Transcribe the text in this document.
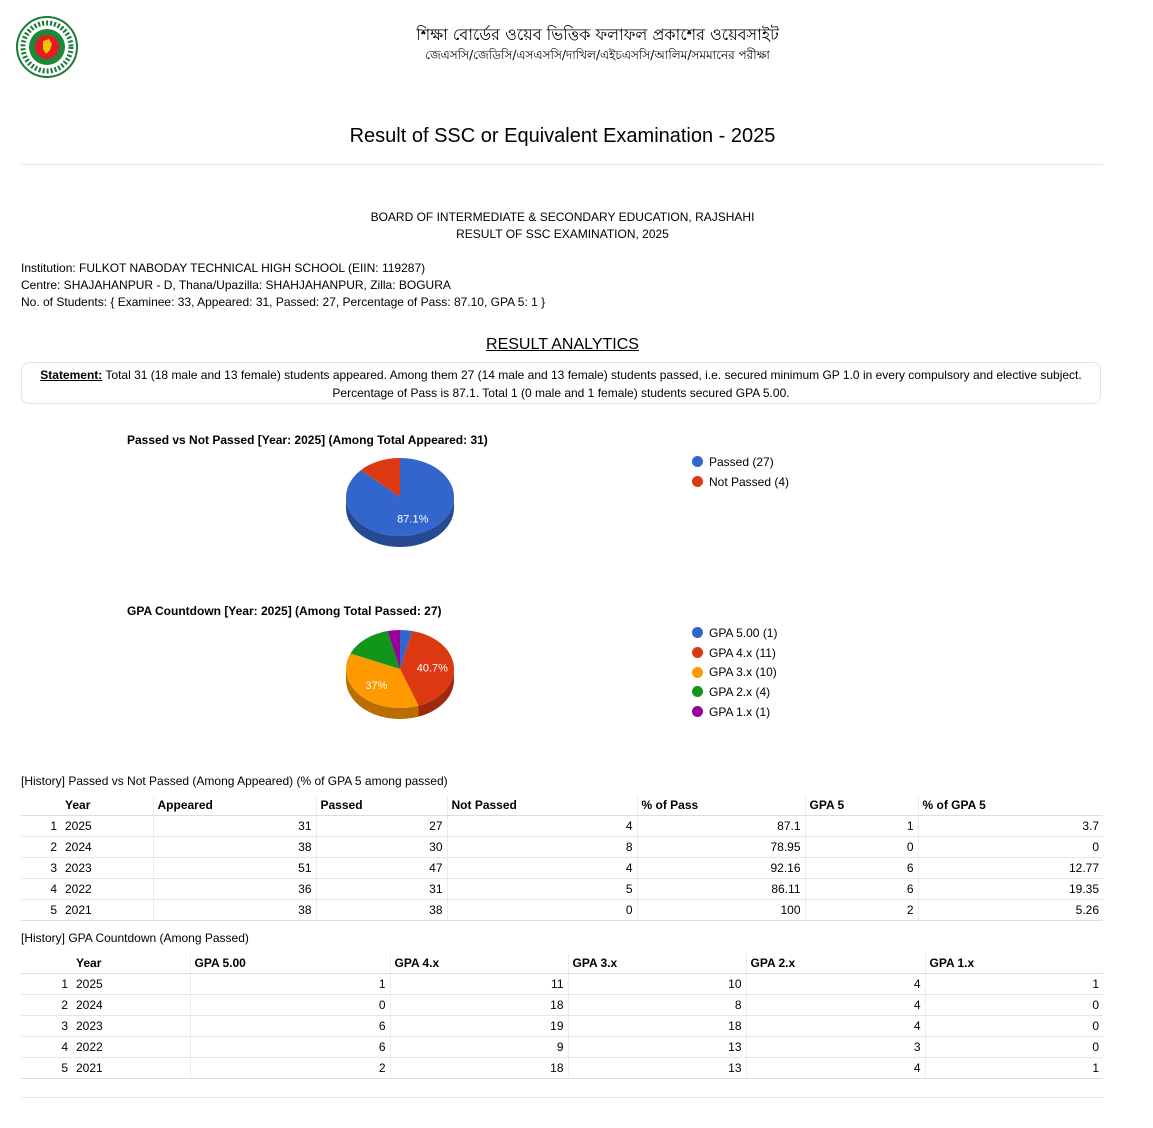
শিক্ষা বোর্ডের ওয়েব ভিত্তিক ফলাফল প্রকাশের ওয়েবসাইট
জেএসসি/জেডিসি/এসএসসি/দাখিল/এইচএসসি/আলিম/সমমানের পরীক্ষা
Result of SSC or Equivalent Examination - 2025
BOARD OF INTERMEDIATE & SECONDARY EDUCATION, RAJSHAHI
RESULT OF SSC EXAMINATION, 2025
Institution: FULKOT NABODAY TECHNICAL HIGH SCHOOL (EIIN: 119287)
Centre: SHAJAHANPUR - D, Thana/Upazilla: SHAHJAHANPUR, Zilla: BOGURA
No. of Students: { Examinee: 33, Appeared: 31, Passed: 27, Percentage of Pass: 87.10, GPA 5: 1 }
RESULT ANALYTICS
Statement: Total 31 (18 male and 13 female) students appeared. Among them 27 (14 male and 13 female) students passed, i.e. secured minimum GP 1.0 in every compulsory and elective subject.
Percentage of Pass is 87.1. Total 1 (0 male and 1 female) students secured GPA 5.00.
Passed vs Not Passed [Year: 2025] (Among Total Appeared: 31)
87.1%
Passed (27)
Not Passed (4)
GPA Countdown [Year: 2025] (Among Total Passed: 27)
40.7%
37%
GPA 5.00 (1)
GPA 4.x (11)
GPA 3.x (10)
GPA 2.x (4)
GPA 1.x (1)
[History] Passed vs Not Passed (Among Appeared) (% of GPA 5 among passed)
	Year	Appeared	Passed	Not Passed	% of Pass	GPA 5	% of GPA 5
1	2025	31	27	4	87.1	1	3.7
2	2024	38	30	8	78.95	0	0
3	2023	51	47	4	92.16	6	12.77
4	2022	36	31	5	86.11	6	19.35
5	2021	38	38	0	100	2	5.26
[History] GPA Countdown (Among Passed)
	Year	GPA 5.00	GPA 4.x	GPA 3.x	GPA 2.x	GPA 1.x
1	2025	1	11	10	4	1
2	2024	0	18	8	4	0
3	2023	6	19	18	4	0
4	2022	6	9	13	3	0
5	2021	2	18	13	4	1
